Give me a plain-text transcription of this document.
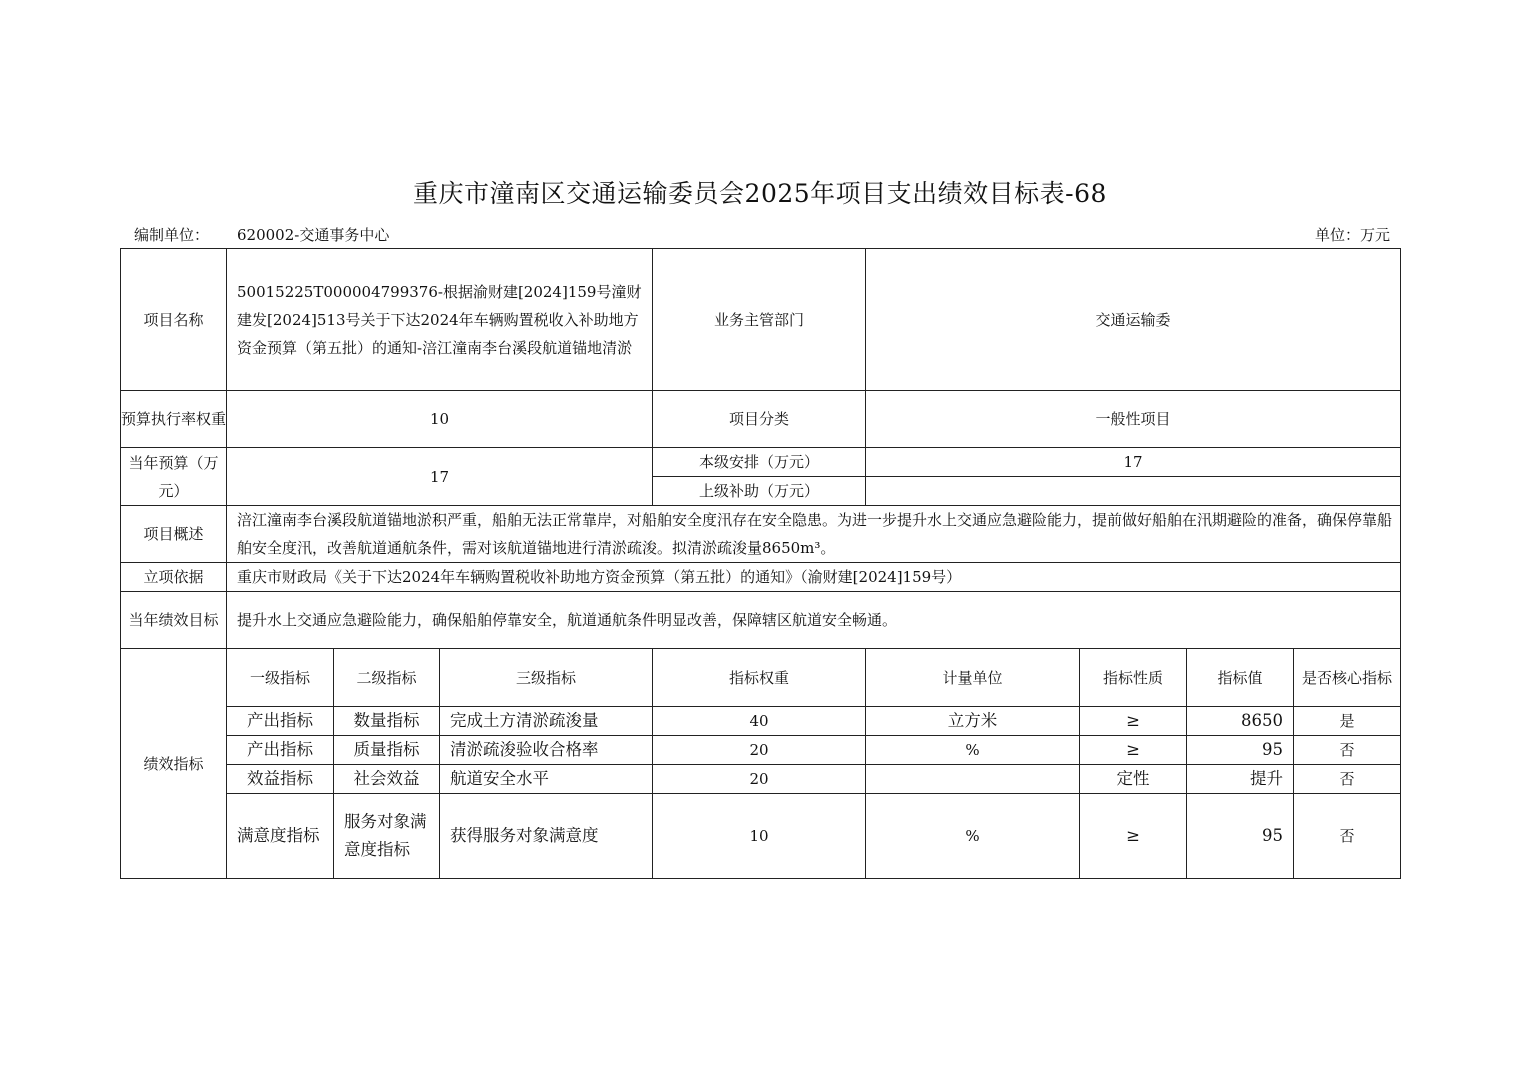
重庆市潼南区交通运输委员会2025年项目支出绩效目标表-68
编制单位： 620002-交通事务中心	单位：万元
项目名称	50015225T000004799376-根据渝财建[2024]159号潼财建发[2024]513号关于下达2024年车辆购置税收入补助地方资金预算（第五批）的通知-涪江潼南李台溪段航道锚地清淤			业务主管部门	交通运输委			
预算执行率权重	10			项目分类	一般性项目			
当年预算（万元）	17			本级安排（万元）	17			
				上级补助（万元）				
项目概述	涪江潼南李台溪段航道锚地淤积严重，船舶无法正常靠岸，对船舶安全度汛存在安全隐患。为进一步提升水上交通应急避险能力，提前做好船舶在汛期避险的准备，确保停靠船舶安全度汛，改善航道通航条件，需对该航道锚地进行清淤疏浚。拟清淤疏浚量8650m³。							
立项依据	重庆市财政局《关于下达2024年车辆购置税收补助地方资金预算（第五批）的通知》（渝财建[2024]159号）							
当年绩效目标	提升水上交通应急避险能力，确保船舶停靠安全，航道通航条件明显改善，保障辖区航道安全畅通。							
绩效指标	一级指标	二级指标	三级指标	指标权重	计量单位	指标性质	指标值	是否核心指标
	产出指标	数量指标	完成土方清淤疏浚量	40	立方米	≥	8650	是
	产出指标	质量指标	清淤疏浚验收合格率	20	%	≥	95	否
	效益指标	社会效益	航道安全水平	20		定性	提升	否
	满意度指标	服务对象满意度指标	获得服务对象满意度	10	%	≥	95	否
